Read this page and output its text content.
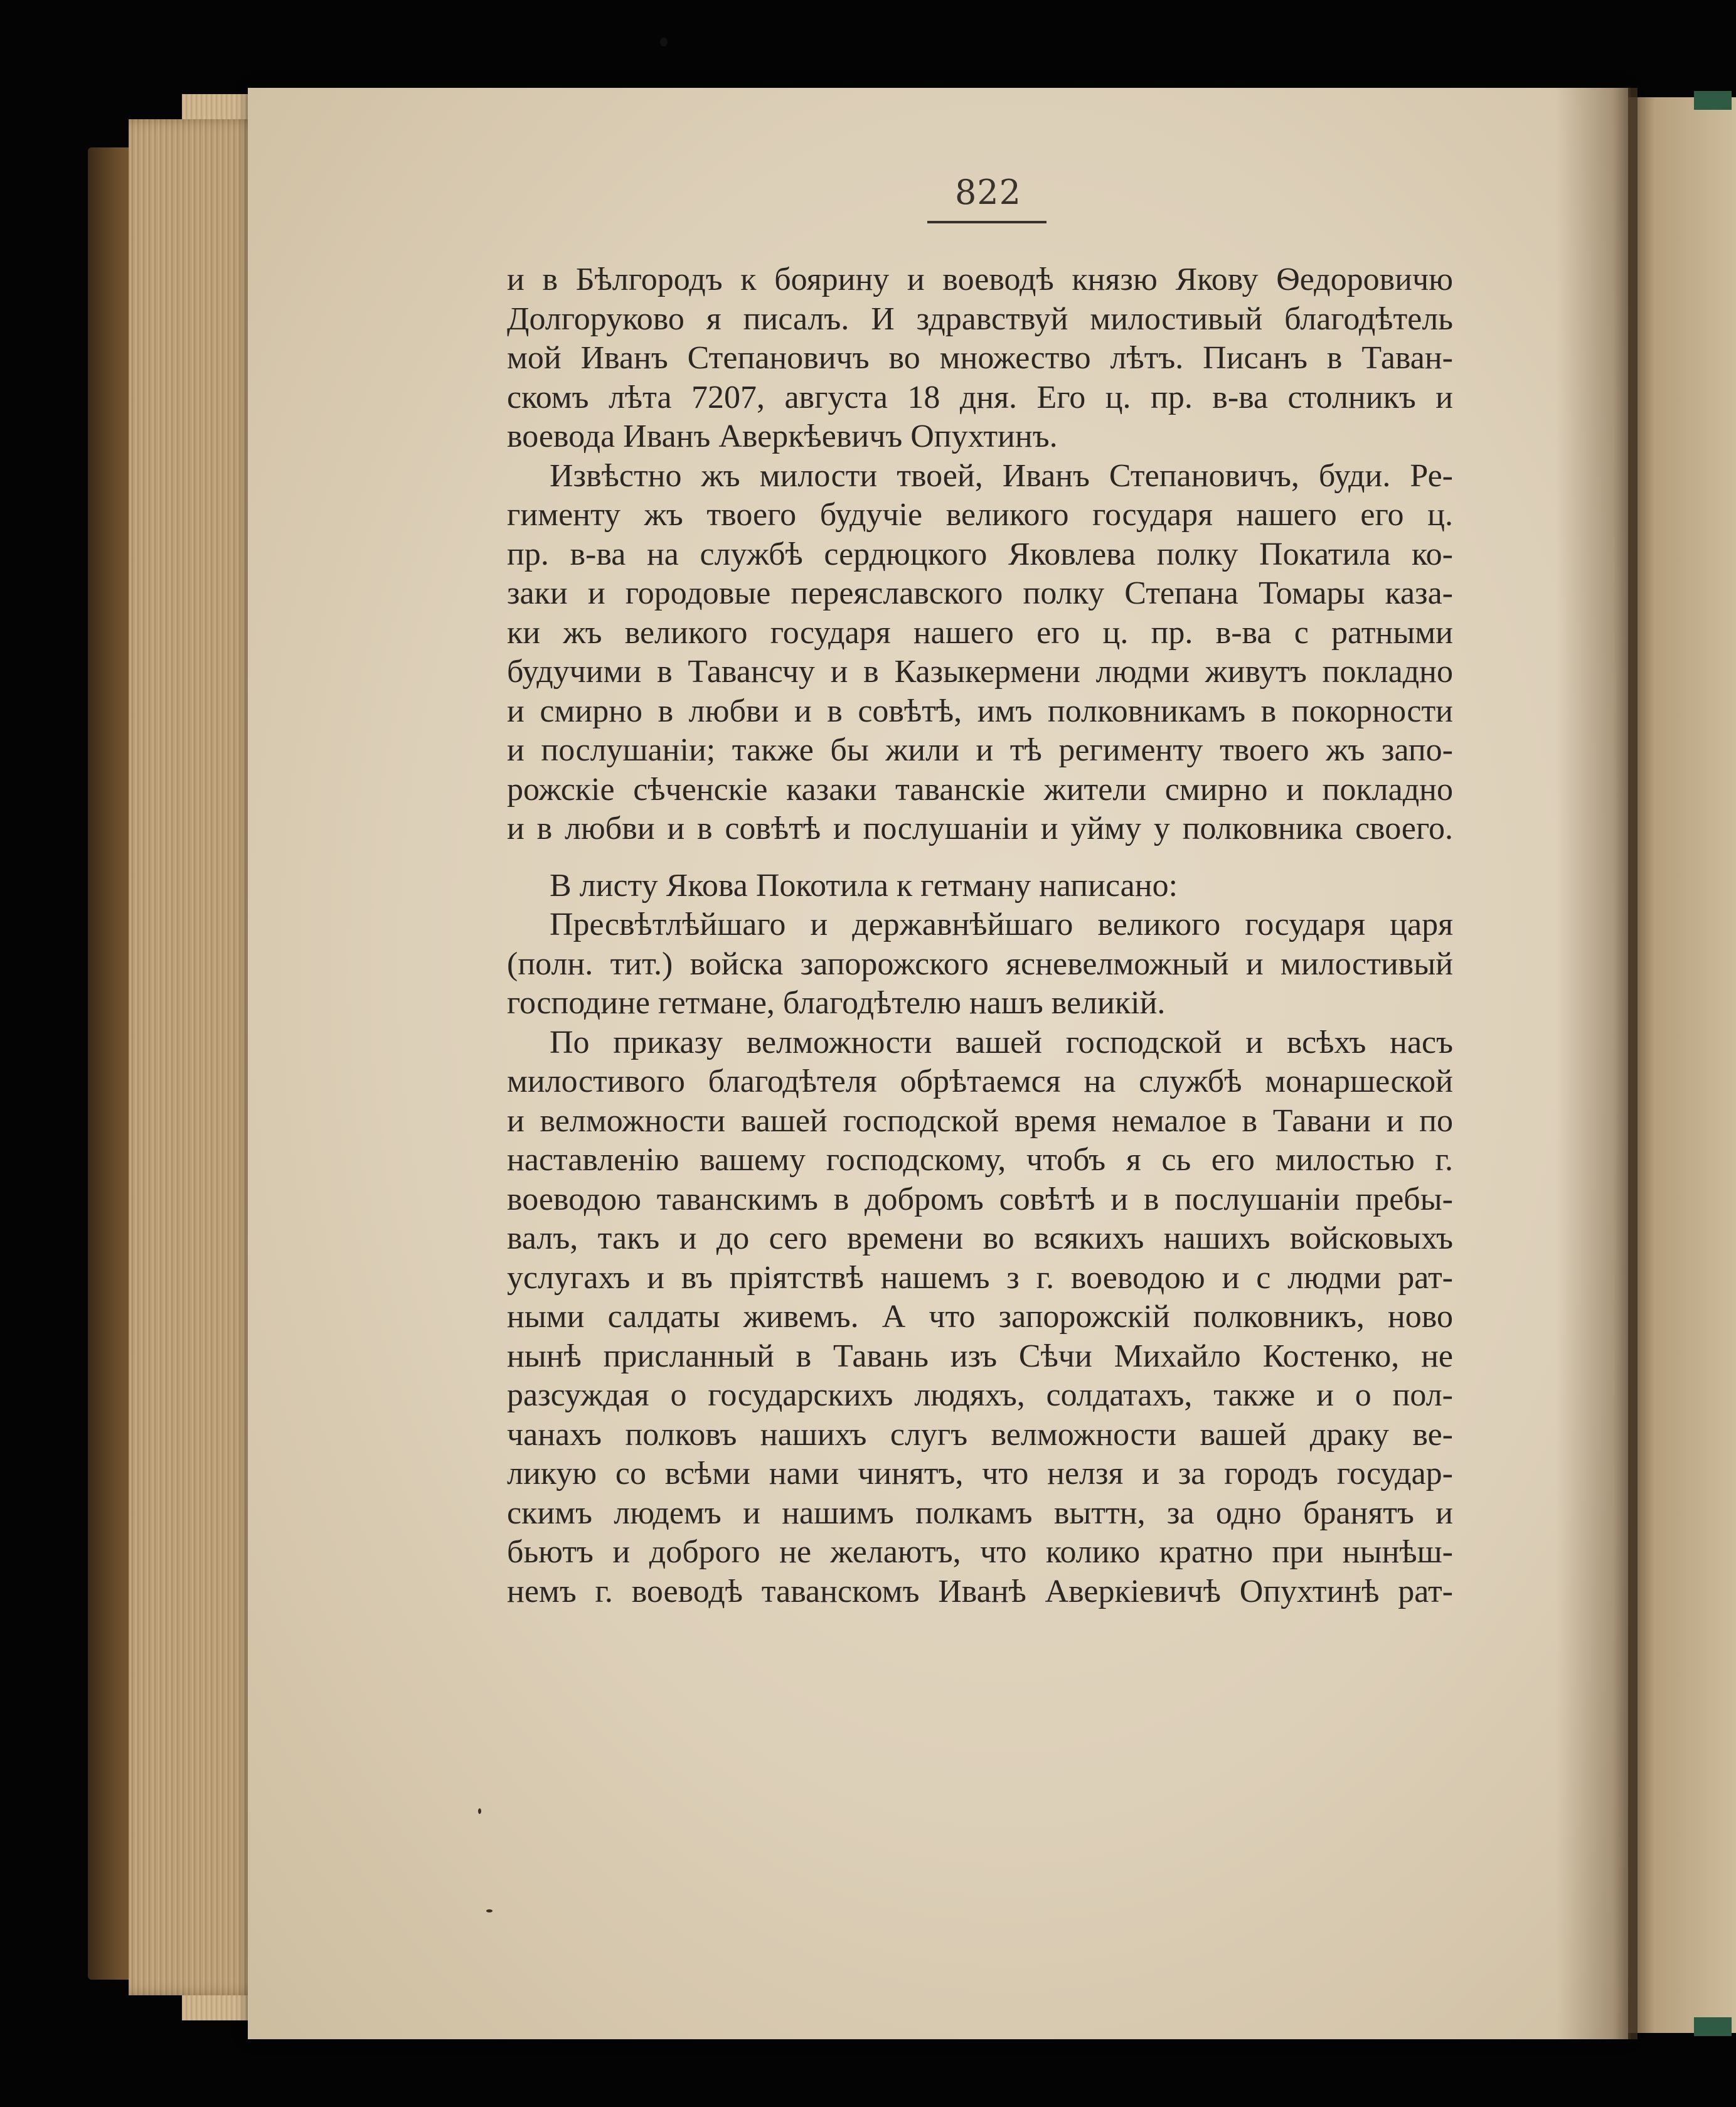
822
и в Бѣлгородъ к боярину и воеводѣ князю Якову Ѳедоровичю
Долгоруково я писалъ. И здравствуй милостивый благодѣтель
мой Иванъ Степановичъ во множество лѣтъ. Писанъ в Таван-
скомъ лѣта 7207, августа 18 дня. Его ц. пр. в-ва столникъ и
воевода Иванъ Аверкѣевичъ Опухтинъ.
Извѣстно жъ милости твоей, Иванъ Степановичъ, буди. Ре-
гименту жъ твоего будучіе великого государя нашего его ц.
пр. в-ва на службѣ сердюцкого Яковлева полку Покатила ко-
заки и городовые переяславского полку Степана Томары каза-
ки жъ великого государя нашего его ц. пр. в-ва с ратными
будучими в Тавансчу и в Казыкермени людми живутъ покладно
и смирно в любви и в совѣтѣ, имъ полковникамъ в покорности
и послушаніи; также бы жили и тѣ регименту твоего жъ запо-
рожскіе сѣченскіе казаки таванскіе жители смирно и покладно
и в любви и в совѣтѣ и послушаніи и уйму у полковника своего.
В листу Якова Покотила к гетману написано:
Пресвѣтлѣйшаго и державнѣйшаго великого государя царя
(полн. тит.) войска запорожского ясневелможный и милостивый
господине гетмане, благодѣтелю нашъ великій.
По приказу велможности вашей господской и всѣхъ насъ
милостивого благодѣтеля обрѣтаемся на службѣ монаршеской
и велможности вашей господской время немалое в Тавани и по
наставленію вашему господскому, чтобъ я сь его милостью г.
воеводою таванскимъ в добромъ совѣтѣ и в послушаніи пребы-
валъ, такъ и до сего времени во всякихъ нашихъ войсковыхъ
услугахъ и въ пріятствѣ нашемъ з г. воеводою и с людми рат-
ными салдаты живемъ. А что запорожскій полковникъ, ново
нынѣ присланный в Тавань изъ Сѣчи Михайло Костенко, не
разсуждая о государскихъ людяхъ, солдатахъ, также и о пол-
чанахъ полковъ нашихъ слугъ велможности вашей драку ве-
ликую со всѣми нами чинятъ, что нелзя и за городъ государ-
скимъ людемъ и нашимъ полкамъ выттн, за одно бранятъ и
бьютъ и доброго не желаютъ, что колико кратно при нынѣш-
немъ г. воеводѣ таванскомъ Иванѣ Аверкіевичѣ Опухтинѣ рат-
